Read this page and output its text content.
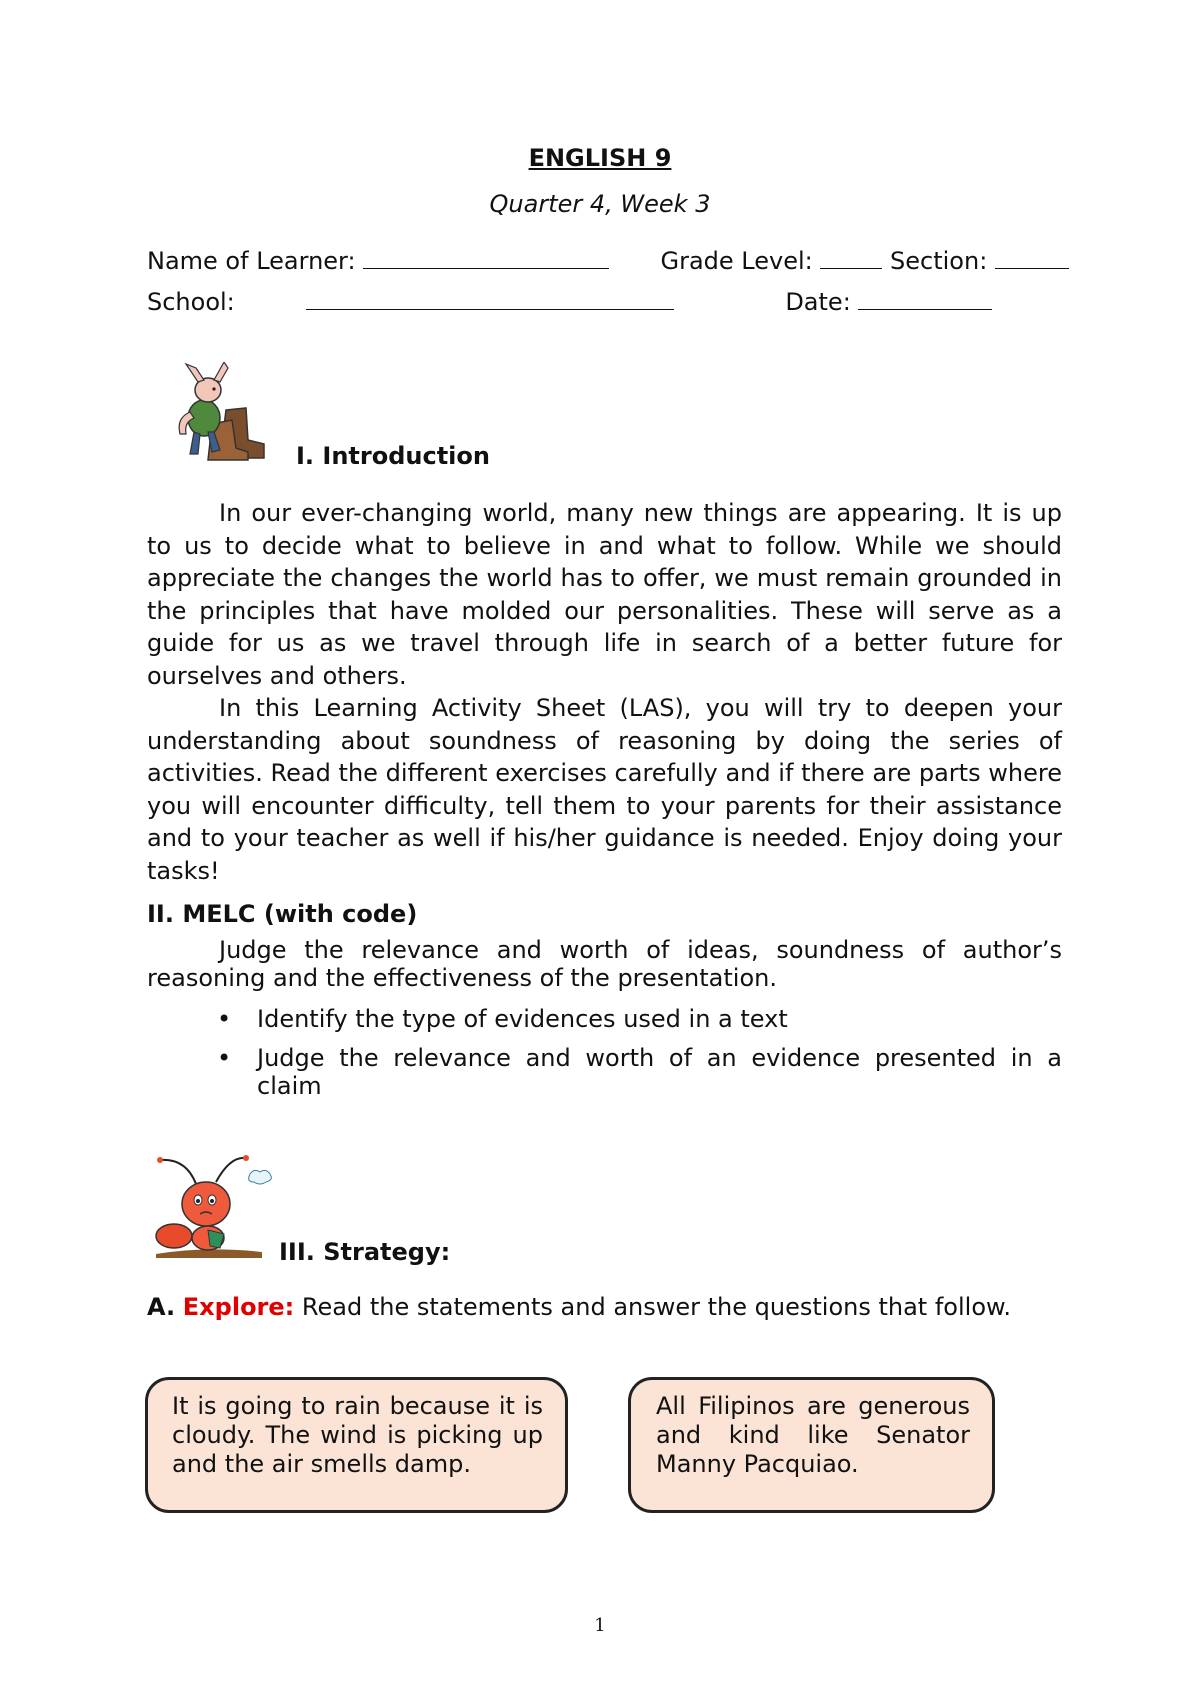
ENGLISH 9
Quarter 4, Week 3
Name of Learner:	Grade Level:	Section:
School:	Date:
I. Introduction

In our ever-changing world, many new things are appearing. It is up to us to decide what to believe in and what to follow. While we should appreciate the changes the world has to offer, we must remain grounded in the principles that have molded our personalities. These will serve as a guide for us as we travel through life in search of a better future for ourselves and others.

In this Learning Activity Sheet (LAS), you will try to deepen your understanding about soundness of reasoning by doing the series of activities. Read the different exercises carefully and if there are parts where you will encounter difficulty, tell them to your parents for their assistance and to your teacher as well if his/her guidance is needed. Enjoy doing your tasks!

II. MELC (with code)

Judge the relevance and worth of ideas, soundness of author’s reasoning and the effectiveness of the presentation.

• Identify the type of evidences used in a text
• Judge the relevance and worth of an evidence presented in a claim
III. Strategy:
A. Explore: Read the statements and answer the questions that follow.
It is going to rain because it is cloudy. The wind is picking up and the air smells damp.
All Filipinos are generous and kind like Senator Manny Pacquiao.
1
